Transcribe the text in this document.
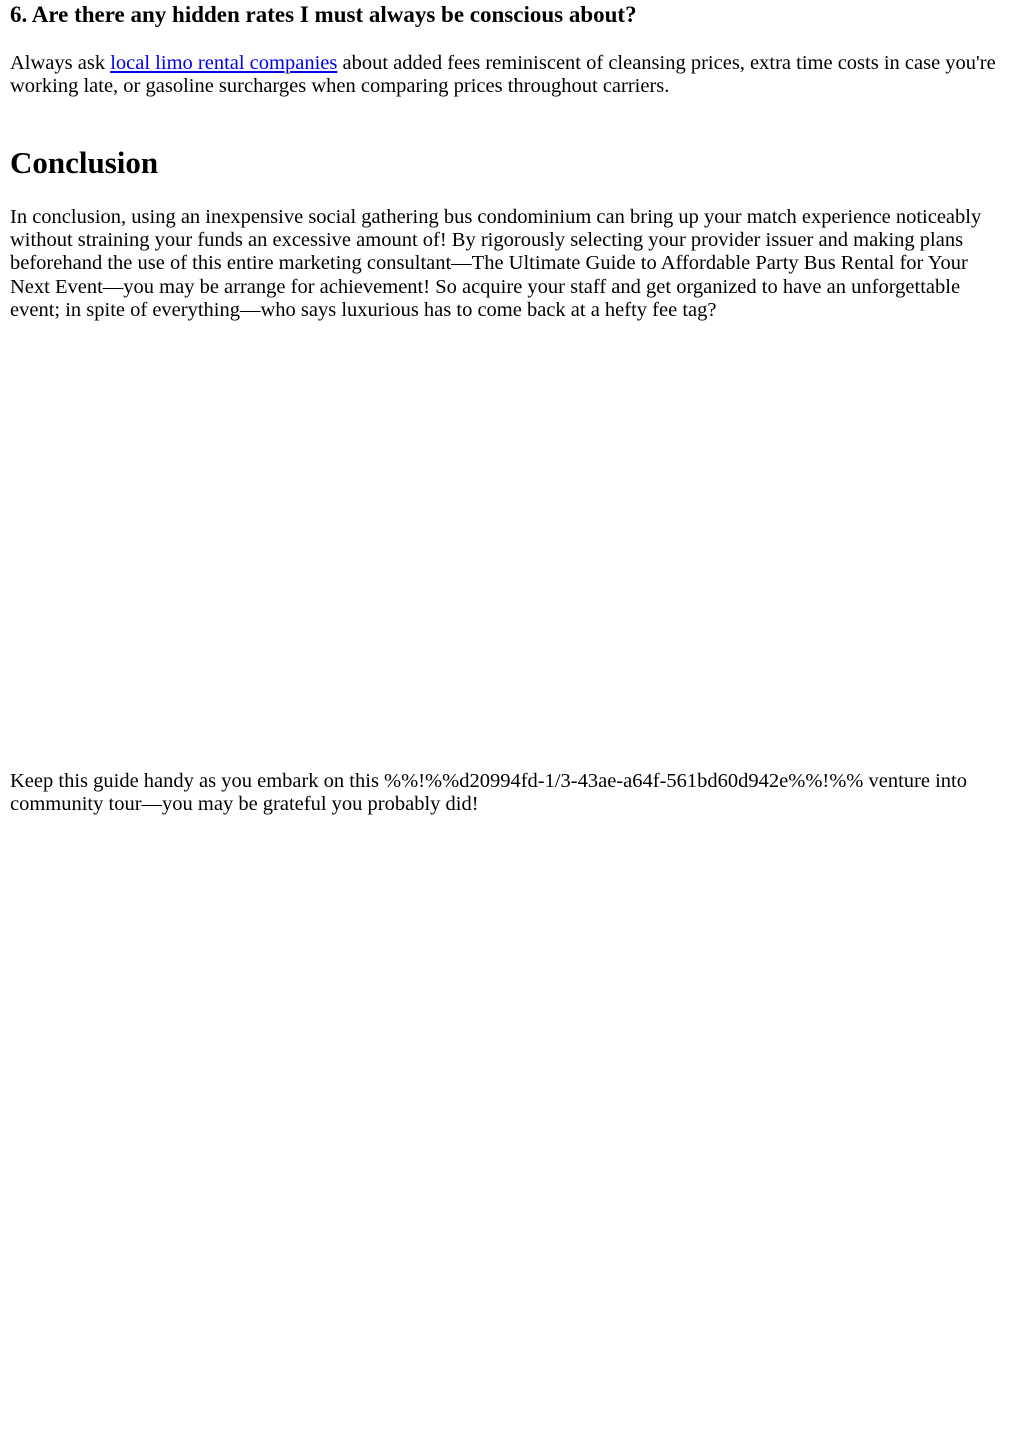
6. Are there any hidden rates I must always be conscious about?

Always ask local limo rental companies about added fees reminiscent of cleansing prices, extra time costs in case you're
working late, or gasoline surcharges when comparing prices throughout carriers.

Conclusion

In conclusion, using an inexpensive social gathering bus condominium can bring up your match experience noticeably
without straining your funds an excessive amount of! By rigorously selecting your provider issuer and making plans
beforehand the use of this entire marketing consultant—The Ultimate Guide to Affordable Party Bus Rental for Your
Next Event—you may be arrange for achievement! So acquire your staff and get organized to have an unforgettable
event; in spite of everything—who says luxurious has to come back at a hefty fee tag?

Keep this guide handy as you embark on this %%!%%d20994fd-1/3-43ae-a64f-561bd60d942e%%!%% venture into
community tour—you may be grateful you probably did!
